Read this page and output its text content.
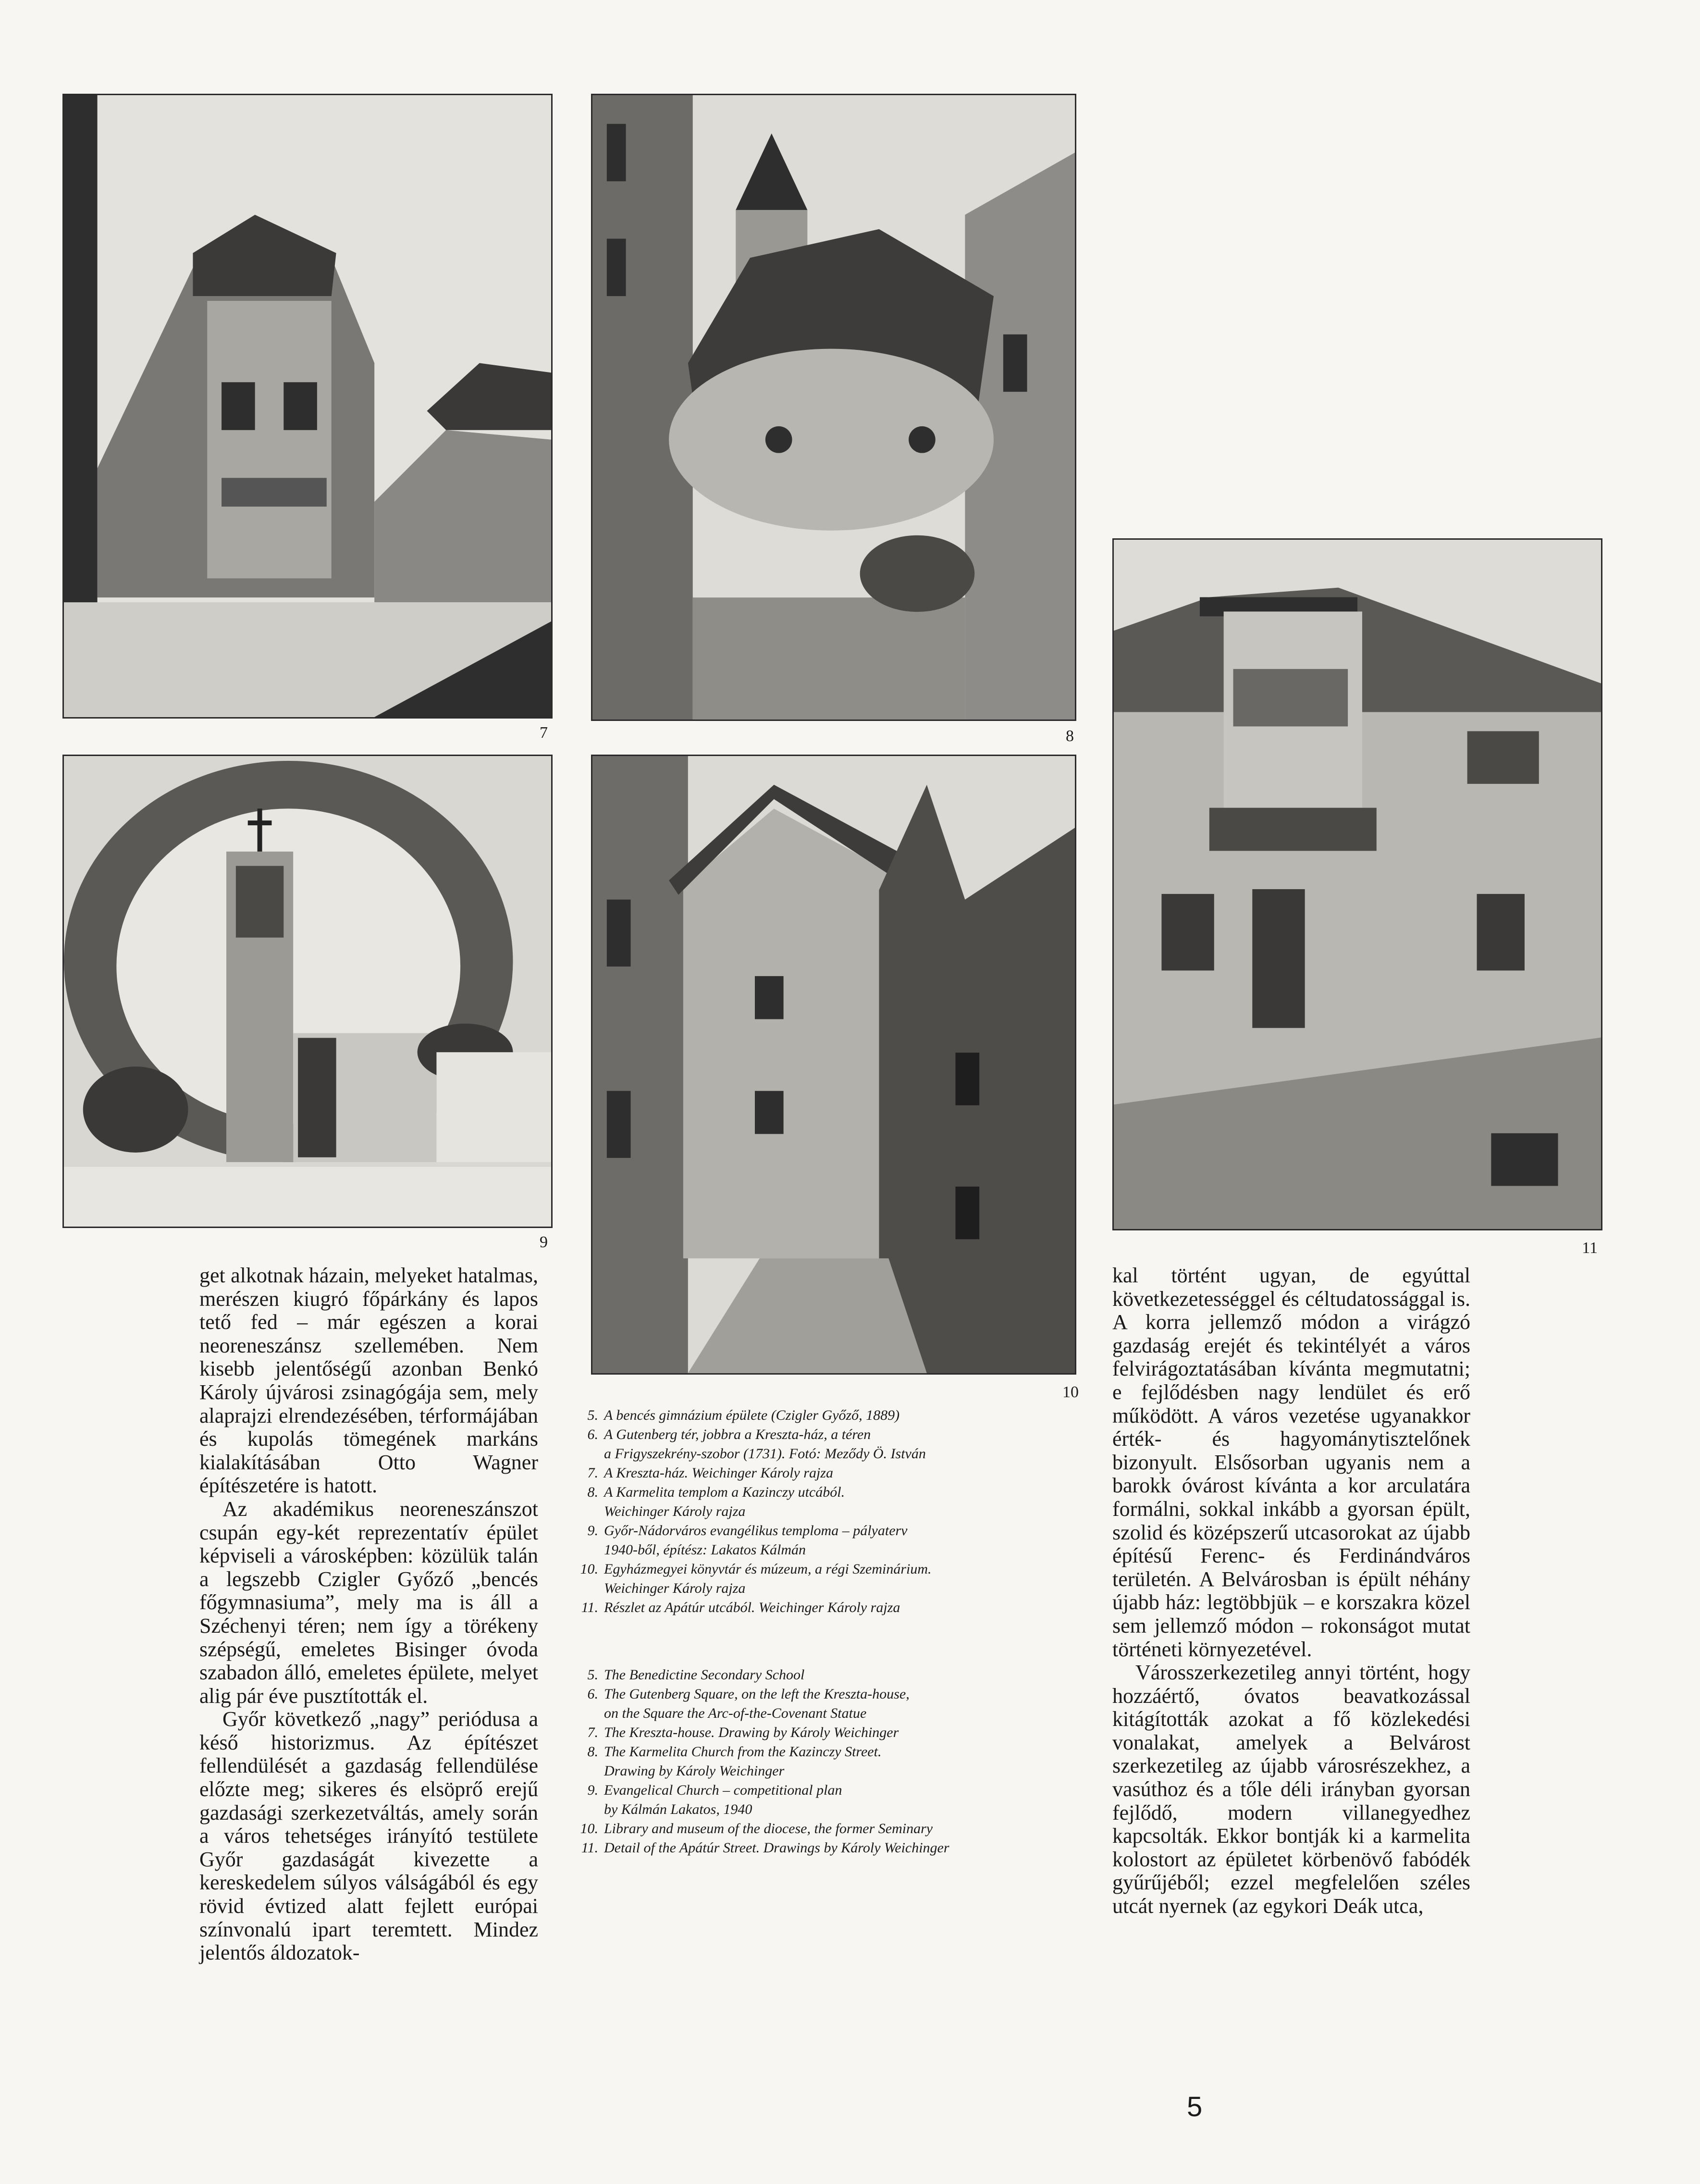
7	8
9
10
11

get alkotnak házain, melyeket hatalmas, merészen kiugró főpárkány és lapos tető fed – már egészen a korai neoreneszánsz szellemében. Nem kisebb jelentőségű azonban Benkó Károly újvárosi zsinagógája sem, mely alaprajzi elrendezésében, térformájában és kupolás tömegének markáns kialakításában Otto Wagner építészetére is hatott.

Az akadémikus neoreneszánszot csupán egy-két reprezentatív épület képviseli a városképben: közülük talán a legszebb Czigler Győző „bencés főgymnasiuma”, mely ma is áll a Széchenyi téren; nem így a törékeny szépségű, emeletes Bisinger óvoda szabadon álló, emeletes épülete, melyet alig pár éve pusztították el.

Győr következő „nagy” periódusa a késő historizmus. Az építészet fellendülését a gazdaság fellendülése előzte meg; sikeres és elsöprő erejű gazdasági szerkezetváltás, amely során a város tehetséges irányító testülete Győr gazdaságát kivezette a kereskedelem súlyos válságából és egy rövid évtized alatt fejlett európai színvonalú ipart teremtett. Mindez jelentős áldozatok-

5. A bencés gimnázium épülete (Czigler Győző, 1889)
6. A Gutenberg tér, jobbra a Kreszta-ház, a téren
a Frigyszekrény-szobor (1731). Fotó: Meződy Ö. István
7. A Kreszta-ház. Weichinger Károly rajza
8. A Karmelita templom a Kazinczy utcából.
Weichinger Károly rajza
9. Győr-Nádorváros evangélikus temploma – pályaterv
1940-ből, építész: Lakatos Kálmán
10. Egyházmegyei könyvtár és múzeum, a régi Szeminárium.
Weichinger Károly rajza
11. Részlet az Apátúr utcából. Weichinger Károly rajza
5. The Benedictine Secondary School
6. The Gutenberg Square, on the left the Kreszta-house,
on the Square the Arc-of-the-Covenant Statue
7. The Kreszta-house. Drawing by Károly Weichinger
8. The Karmelita Church from the Kazinczy Street.
Drawing by Károly Weichinger
9. Evangelical Church – competitional plan
by Kálmán Lakatos, 1940
10. Library and museum of the diocese, the former Seminary
11. Detail of the Apátúr Street. Drawings by Károly Weichinger

kal történt ugyan, de egyúttal következetességgel és céltudatossággal is. A korra jellemző módon a virágzó gazdaság erejét és tekintélyét a város felvirágoztatásában kívánta megmutatni; e fejlődésben nagy lendület és erő működött. A város vezetése ugyanakkor érték- és hagyománytisztelőnek bizonyult. Elsősorban ugyanis nem a barokk óvárost kívánta a kor arculatára formálni, sokkal inkább a gyorsan épült, szolid és középszerű utcasorokat az újabb építésű Ferenc- és Ferdinándváros területén. A Belvárosban is épült néhány újabb ház: legtöbbjük – e korszakra közel sem jellemző módon – rokonságot mutat történeti környezetével.

Városszerkezetileg annyi történt, hogy hozzáértő, óvatos beavatkozással kitágították azokat a fő közlekedési vonalakat, amelyek a Belvárost szerkezetileg az újabb városrészekhez, a vasúthoz és a tőle déli irányban gyorsan fejlődő, modern villanegyedhez kapcsolták. Ekkor bontják ki a karmelita kolostort az épületet körbenövő fabódék gyűrűjéből; ezzel megfelelően széles utcát nyernek (az egykori Deák utca,

5
